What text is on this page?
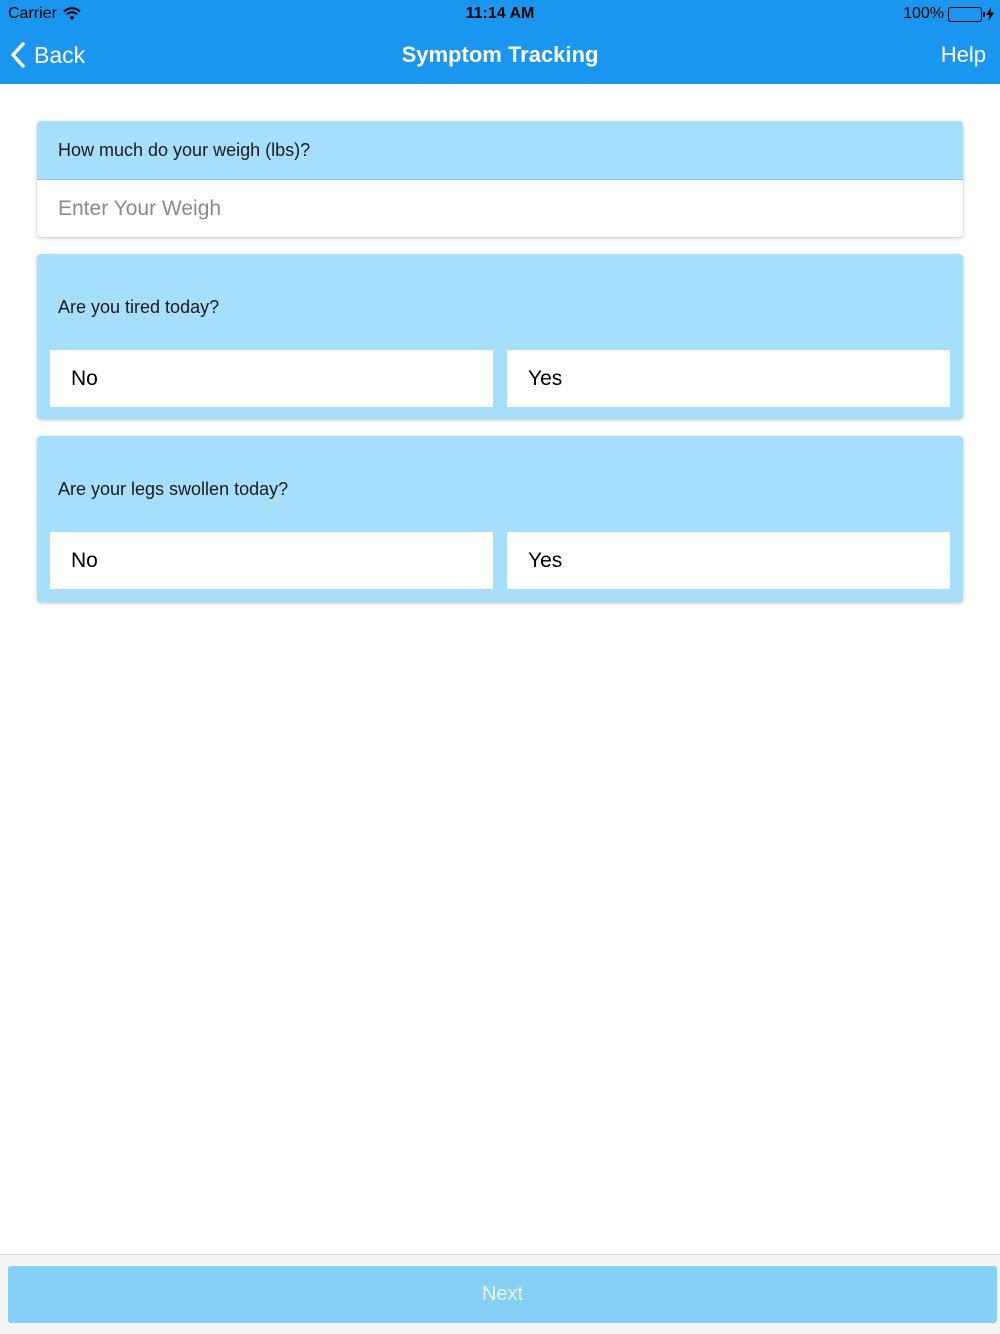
Carrier	11:14 AM	100%
Back	Symptom Tracking	Help
How much do your weigh (lbs)?
Enter Your Weigh
Are you tired today?
No	Yes
Are your legs swollen today?
No	Yes
Next
